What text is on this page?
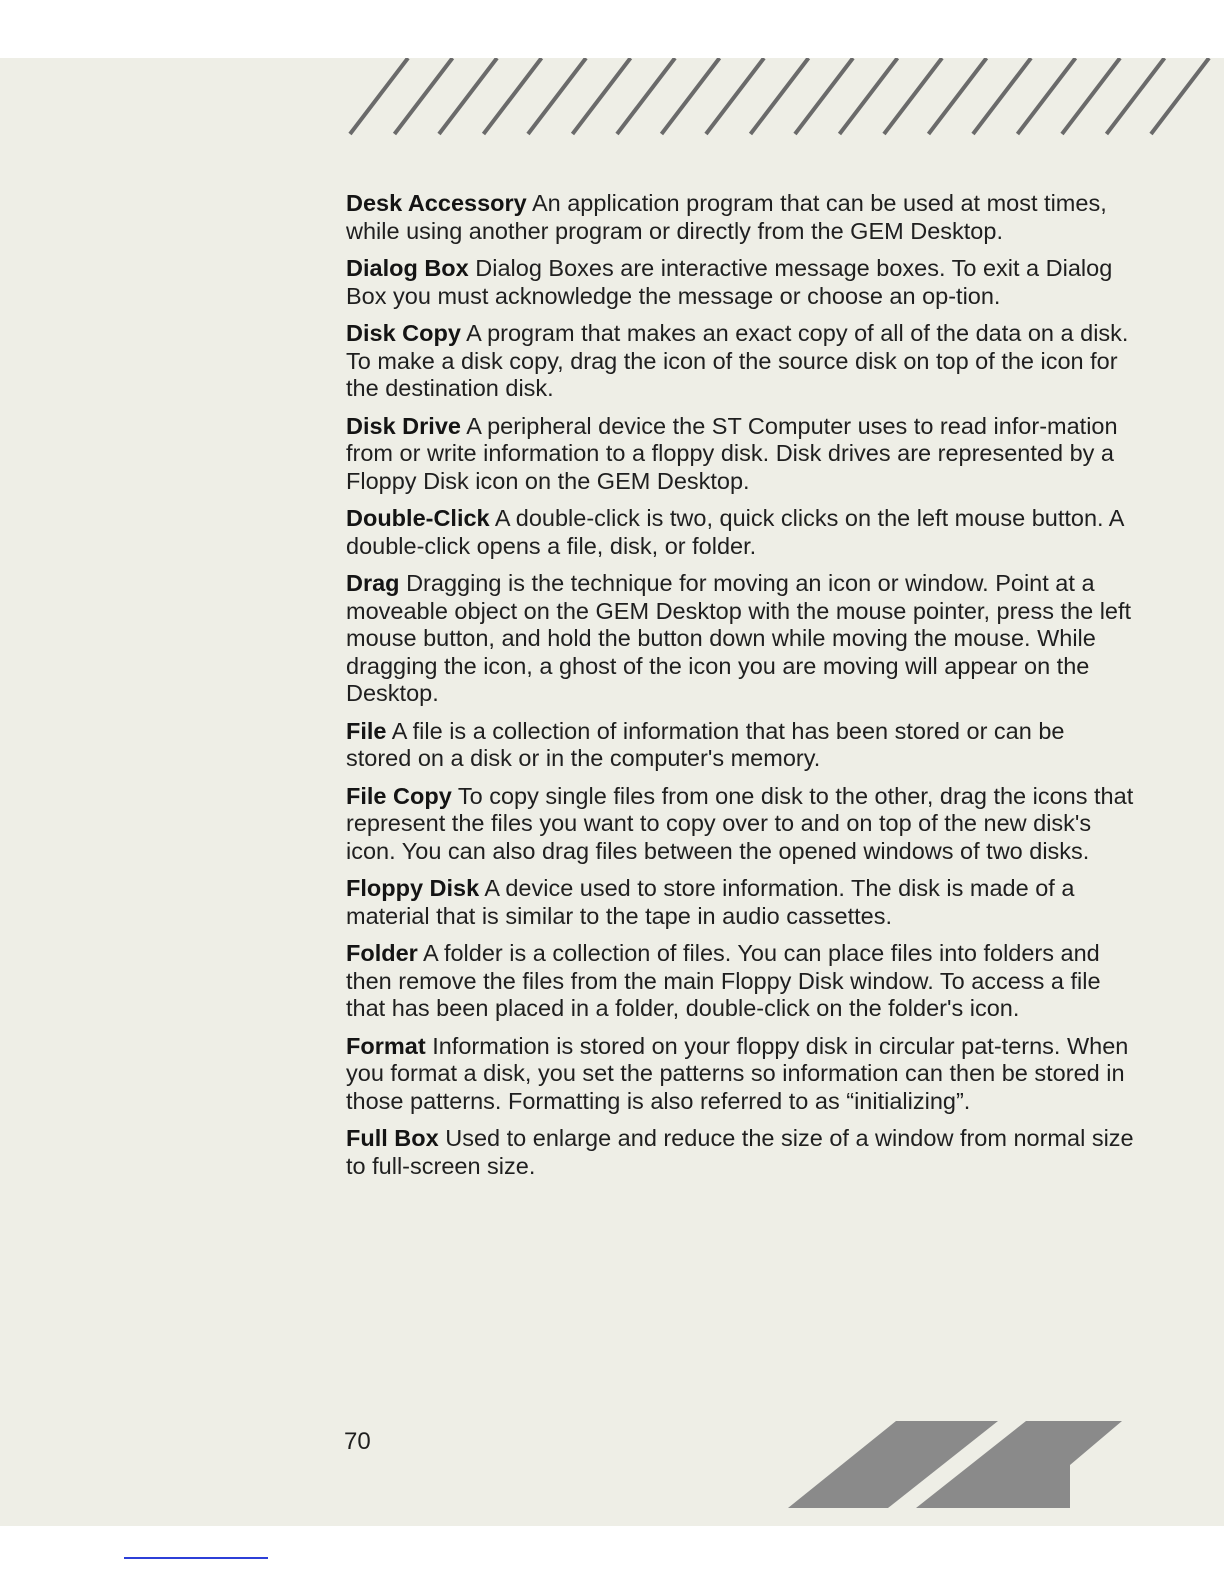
Desk Accessory An application program that can be used at most times, while using another program or directly from the GEM Desktop.

Dialog Box Dialog Boxes are interactive message boxes. To exit a Dialog Box you must acknowledge the message or choose an op-tion.

Disk Copy A program that makes an exact copy of all of the data on a disk. To make a disk copy, drag the icon of the source disk on top of the icon for the destination disk.

Disk Drive A peripheral device the ST Computer uses to read infor-mation from or write information to a floppy disk. Disk drives are represented by a Floppy Disk icon on the GEM Desktop.

Double-Click A double-click is two, quick clicks on the left mouse button. A double-click opens a file, disk, or folder.

Drag Dragging is the technique for moving an icon or window. Point at a moveable object on the GEM Desktop with the mouse pointer, press the left mouse button, and hold the button down while moving the mouse. While dragging the icon, a ghost of the icon you are moving will appear on the Desktop.

File A file is a collection of information that has been stored or can be stored on a disk or in the computer's memory.

File Copy To copy single files from one disk to the other, drag the icons that represent the files you want to copy over to and on top of the new disk's icon. You can also drag files between the opened windows of two disks.

Floppy Disk A device used to store information. The disk is made of a material that is similar to the tape in audio cassettes.

Folder A folder is a collection of files. You can place files into folders and then remove the files from the main Floppy Disk window. To access a file that has been placed in a folder, double-click on the folder's icon.

Format Information is stored on your floppy disk in circular pat-terns. When you format a disk, you set the patterns so information can then be stored in those patterns. Formatting is also referred to as “initializing”.

Full Box Used to enlarge and reduce the size of a window from normal size to full-screen size.

70
